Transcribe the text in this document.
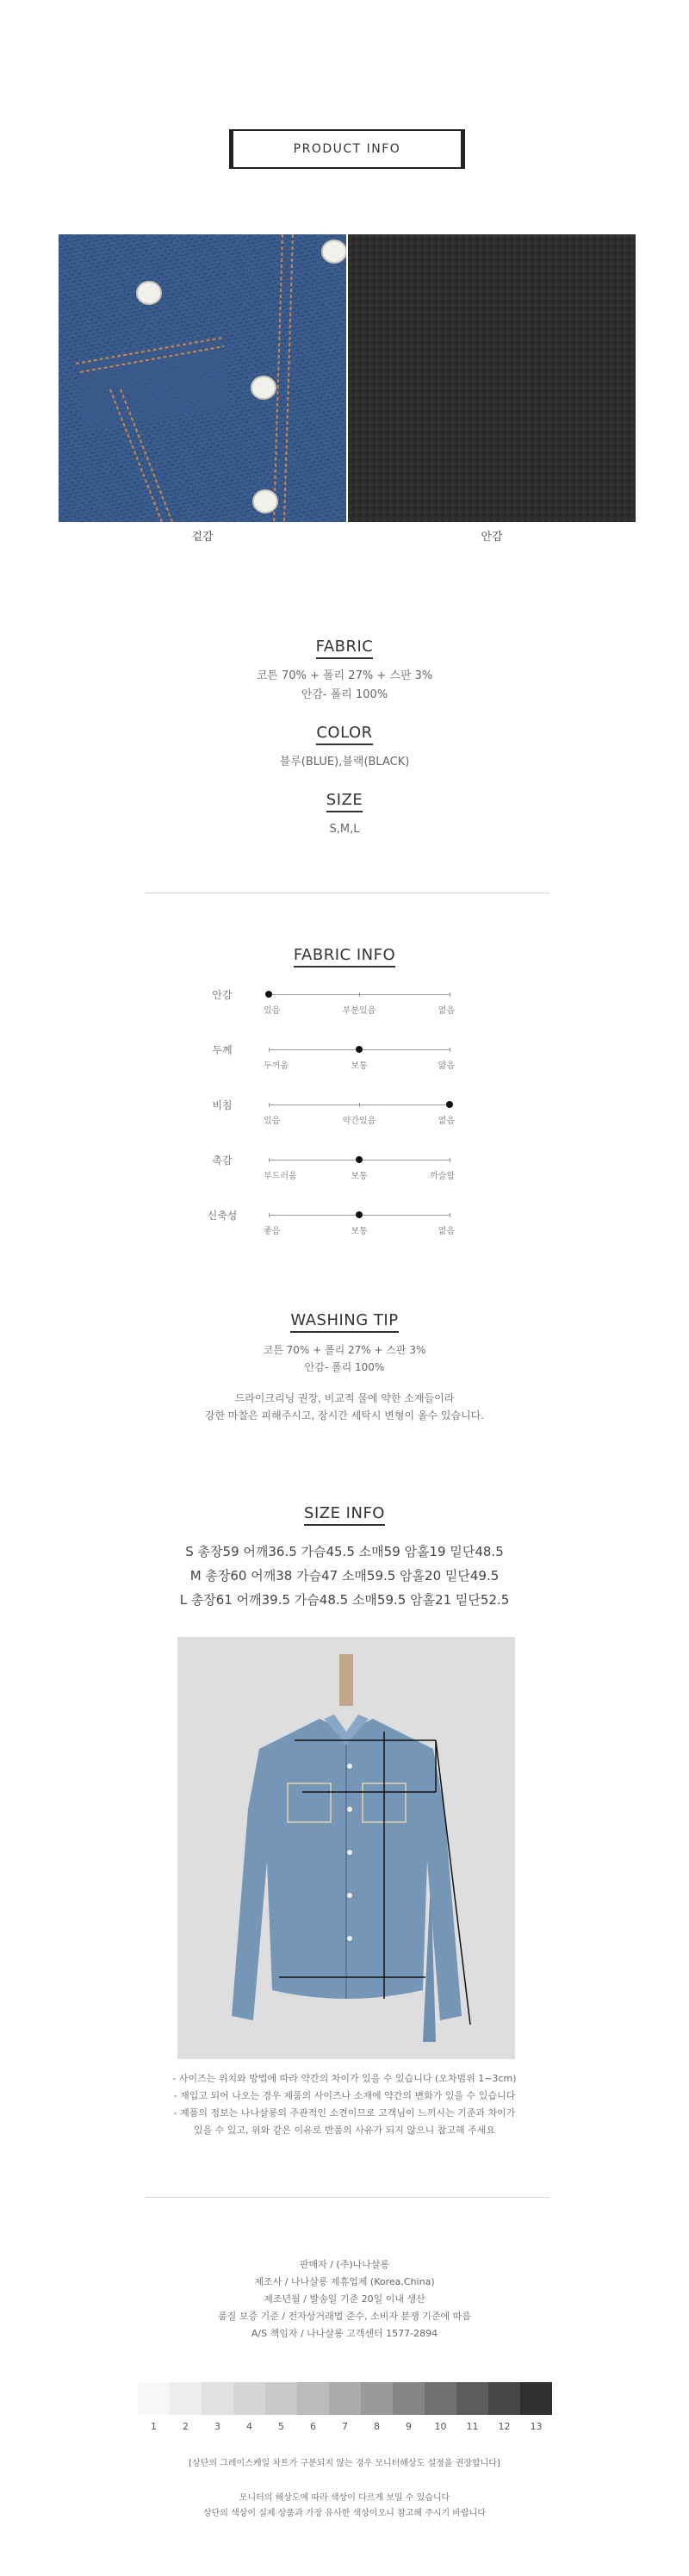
PRODUCT INFO
겉감	안감
FABRIC
코튼 70% + 폴리 27% + 스판 3%
안감- 폴리 100%
COLOR
블루(BLUE),블랙(BLACK)
SIZE
S,M,L
FABRIC INFO
안감
있음	부분있음	없음
두께
두꺼움	보통	얇음
비침
있음	약간있음	없음
촉감
부드러움	보통	까슬함
신축성
좋음	보통	없음
WASHING TIP
코튼 70% + 폴리 27% + 스판 3%
안감- 폴리 100%
드라이크리닝 권장, 비교적 물에 약한 소재들이라
강한 마찰은 피해주시고, 장시간 세탁시 변형이 올수 있습니다.
SIZE INFO
S 총장59 어깨36.5 가슴45.5 소매59 암홀19 밑단48.5
M 총장60 어깨38 가슴47 소매59.5 암홀20 밑단49.5
L 총장61 어깨39.5 가슴48.5 소매59.5 암홀21 밑단52.5
- 사이즈는 위치와 방법에 따라 약간의 차이가 있을 수 있습니다 (오차범위 1~3cm)
- 재입고 되어 나오는 경우 제품의 사이즈나 소재에 약간의 변화가 있을 수 있습니다
- 제품의 정보는 나나살롱의 주관적인 소견이므로 고객님이 느끼시는 기준과 차이가
있을 수 있고, 위와 같은 이유로 반품의 사유가 되지 않으니 참고해 주세요
판매자 / (주)나나살롱
제조사 / 나나살롱 제휴업체 (Korea,China)
제조년월 / 발송일 기준 20일 이내 생산
품질 보증 기준 / 전자상거래법 준수, 소비자 분쟁 기준에 따름
A/S 책임자 / 나나살롱 고객센터 1577-2894
1	2	3	4	5	6	7	8	9	10	11	12	13
[상단의 그레이스케일 차트가 구분되지 않는 경우 모니터해상도 설정을 권장합니다]
모니터의 해상도에 따라 색상이 다르게 보일 수 있습니다
상단의 색상이 실제 상품과 가장 유사한 색상이오니 참고해 주시기 바랍니다
